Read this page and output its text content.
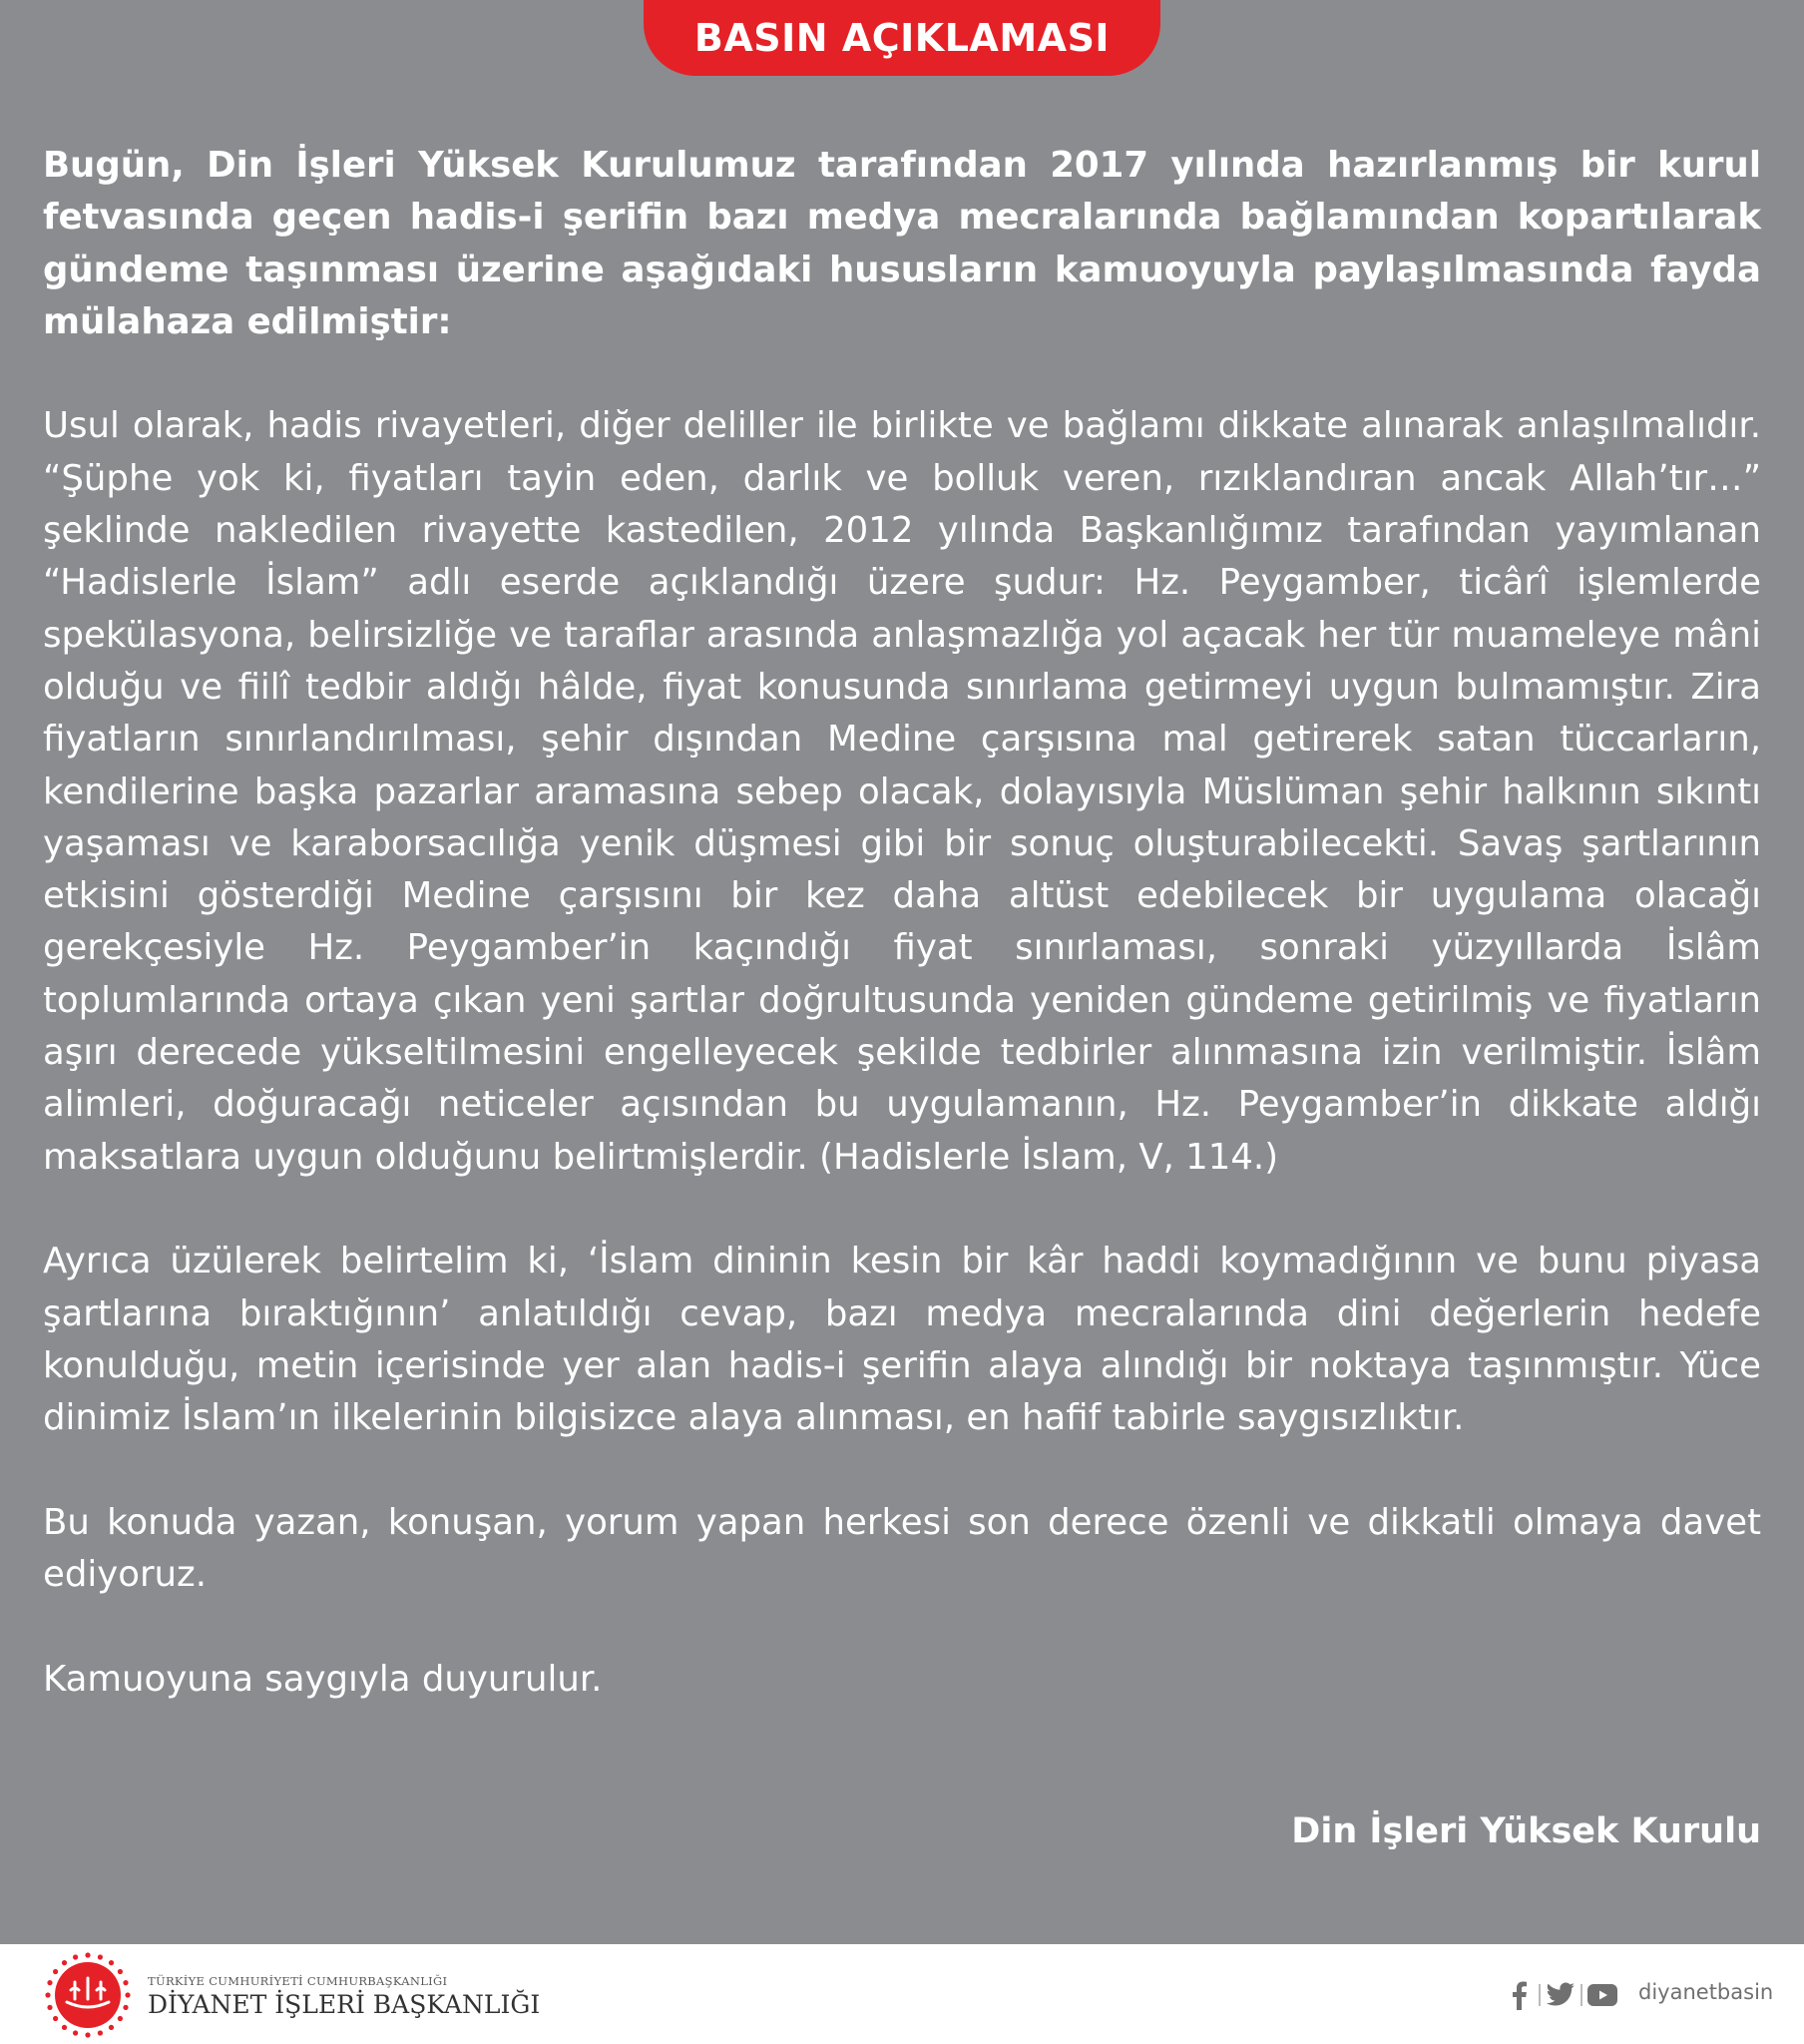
BASIN AÇIKLAMASI

Bugün, Din İşleri Yüksek Kurulumuz tarafından 2017 yılında hazırlanmış bir kurul fetvasında geçen hadis-i şerifin bazı medya mecralarında bağlamından kopartılarak gündeme taşınması üzerine aşağıdaki hususların kamuoyuyla paylaşılmasında fayda mülahaza edilmiştir:

Usul olarak, hadis rivayetleri, diğer deliller ile birlikte ve bağlamı dikkate alınarak anlaşılmalıdır. “Şüphe yok ki, fiyatları tayin eden, darlık ve bolluk veren, rızıklandıran ancak Allah’tır…” şeklinde nakledilen rivayette kastedilen, 2012 yılında Başkanlığımız tarafından yayımlanan “Hadislerle İslam” adlı eserde açıklandığı üzere şudur: Hz. Peygamber, ticârî işlemlerde spekülasyona, belirsizliğe ve taraflar arasında anlaşmazlığa yol açacak her tür muameleye mâni olduğu ve fiilî tedbir aldığı hâlde, fiyat konusunda sınırlama getirmeyi uygun bulmamıştır. Zira fiyatların sınırlandırılması, şehir dışından Medine çarşısına mal getirerek satan tüccarların, kendilerine başka pazarlar aramasına sebep olacak, dolayısıyla Müslüman şehir halkının sıkıntı yaşaması ve karaborsacılığa yenik düşmesi gibi bir sonuç oluşturabilecekti. Savaş şartlarının etkisini gösterdiği Medine çarşısını bir kez daha altüst edebilecek bir uygulama olacağı gerekçesiyle Hz. Peygamber’in kaçındığı fiyat sınırlaması, sonraki yüzyıllarda İslâm toplumlarında ortaya çıkan yeni şartlar doğrultusunda yeniden gündeme getirilmiş ve fiyatların aşırı derecede yükseltilmesini engelleyecek şekilde tedbirler alınmasına izin verilmiştir. İslâm alimleri, doğuracağı neticeler açısından bu uygulamanın, Hz. Peygamber’in dikkate aldığı maksatlara uygun olduğunu belirtmişlerdir. (Hadislerle İslam, V, 114.)

Ayrıca üzülerek belirtelim ki, ‘İslam dininin kesin bir kâr haddi koymadığının ve bunu piyasa şartlarına bıraktığının’ anlatıldığı cevap, bazı medya mecralarında dini değerlerin hedefe konulduğu, metin içerisinde yer alan hadis-i şerifin alaya alındığı bir noktaya taşınmıştır. Yüce dinimiz İslam’ın ilkelerinin bilgisizce alaya alınması, en hafif tabirle saygısızlıktır.

Bu konuda yazan, konuşan, yorum yapan herkesi son derece özenli ve dikkatli olmaya davet ediyoruz.

Kamuoyuna saygıyla duyurulur.

Din İşleri Yüksek Kurulu
TÜRKİYE CUMHURİYETİ CUMHURBAŞKANLIĞI
DİYANET İŞLERİ BAŞKANLIĞI	diyanetbasin
